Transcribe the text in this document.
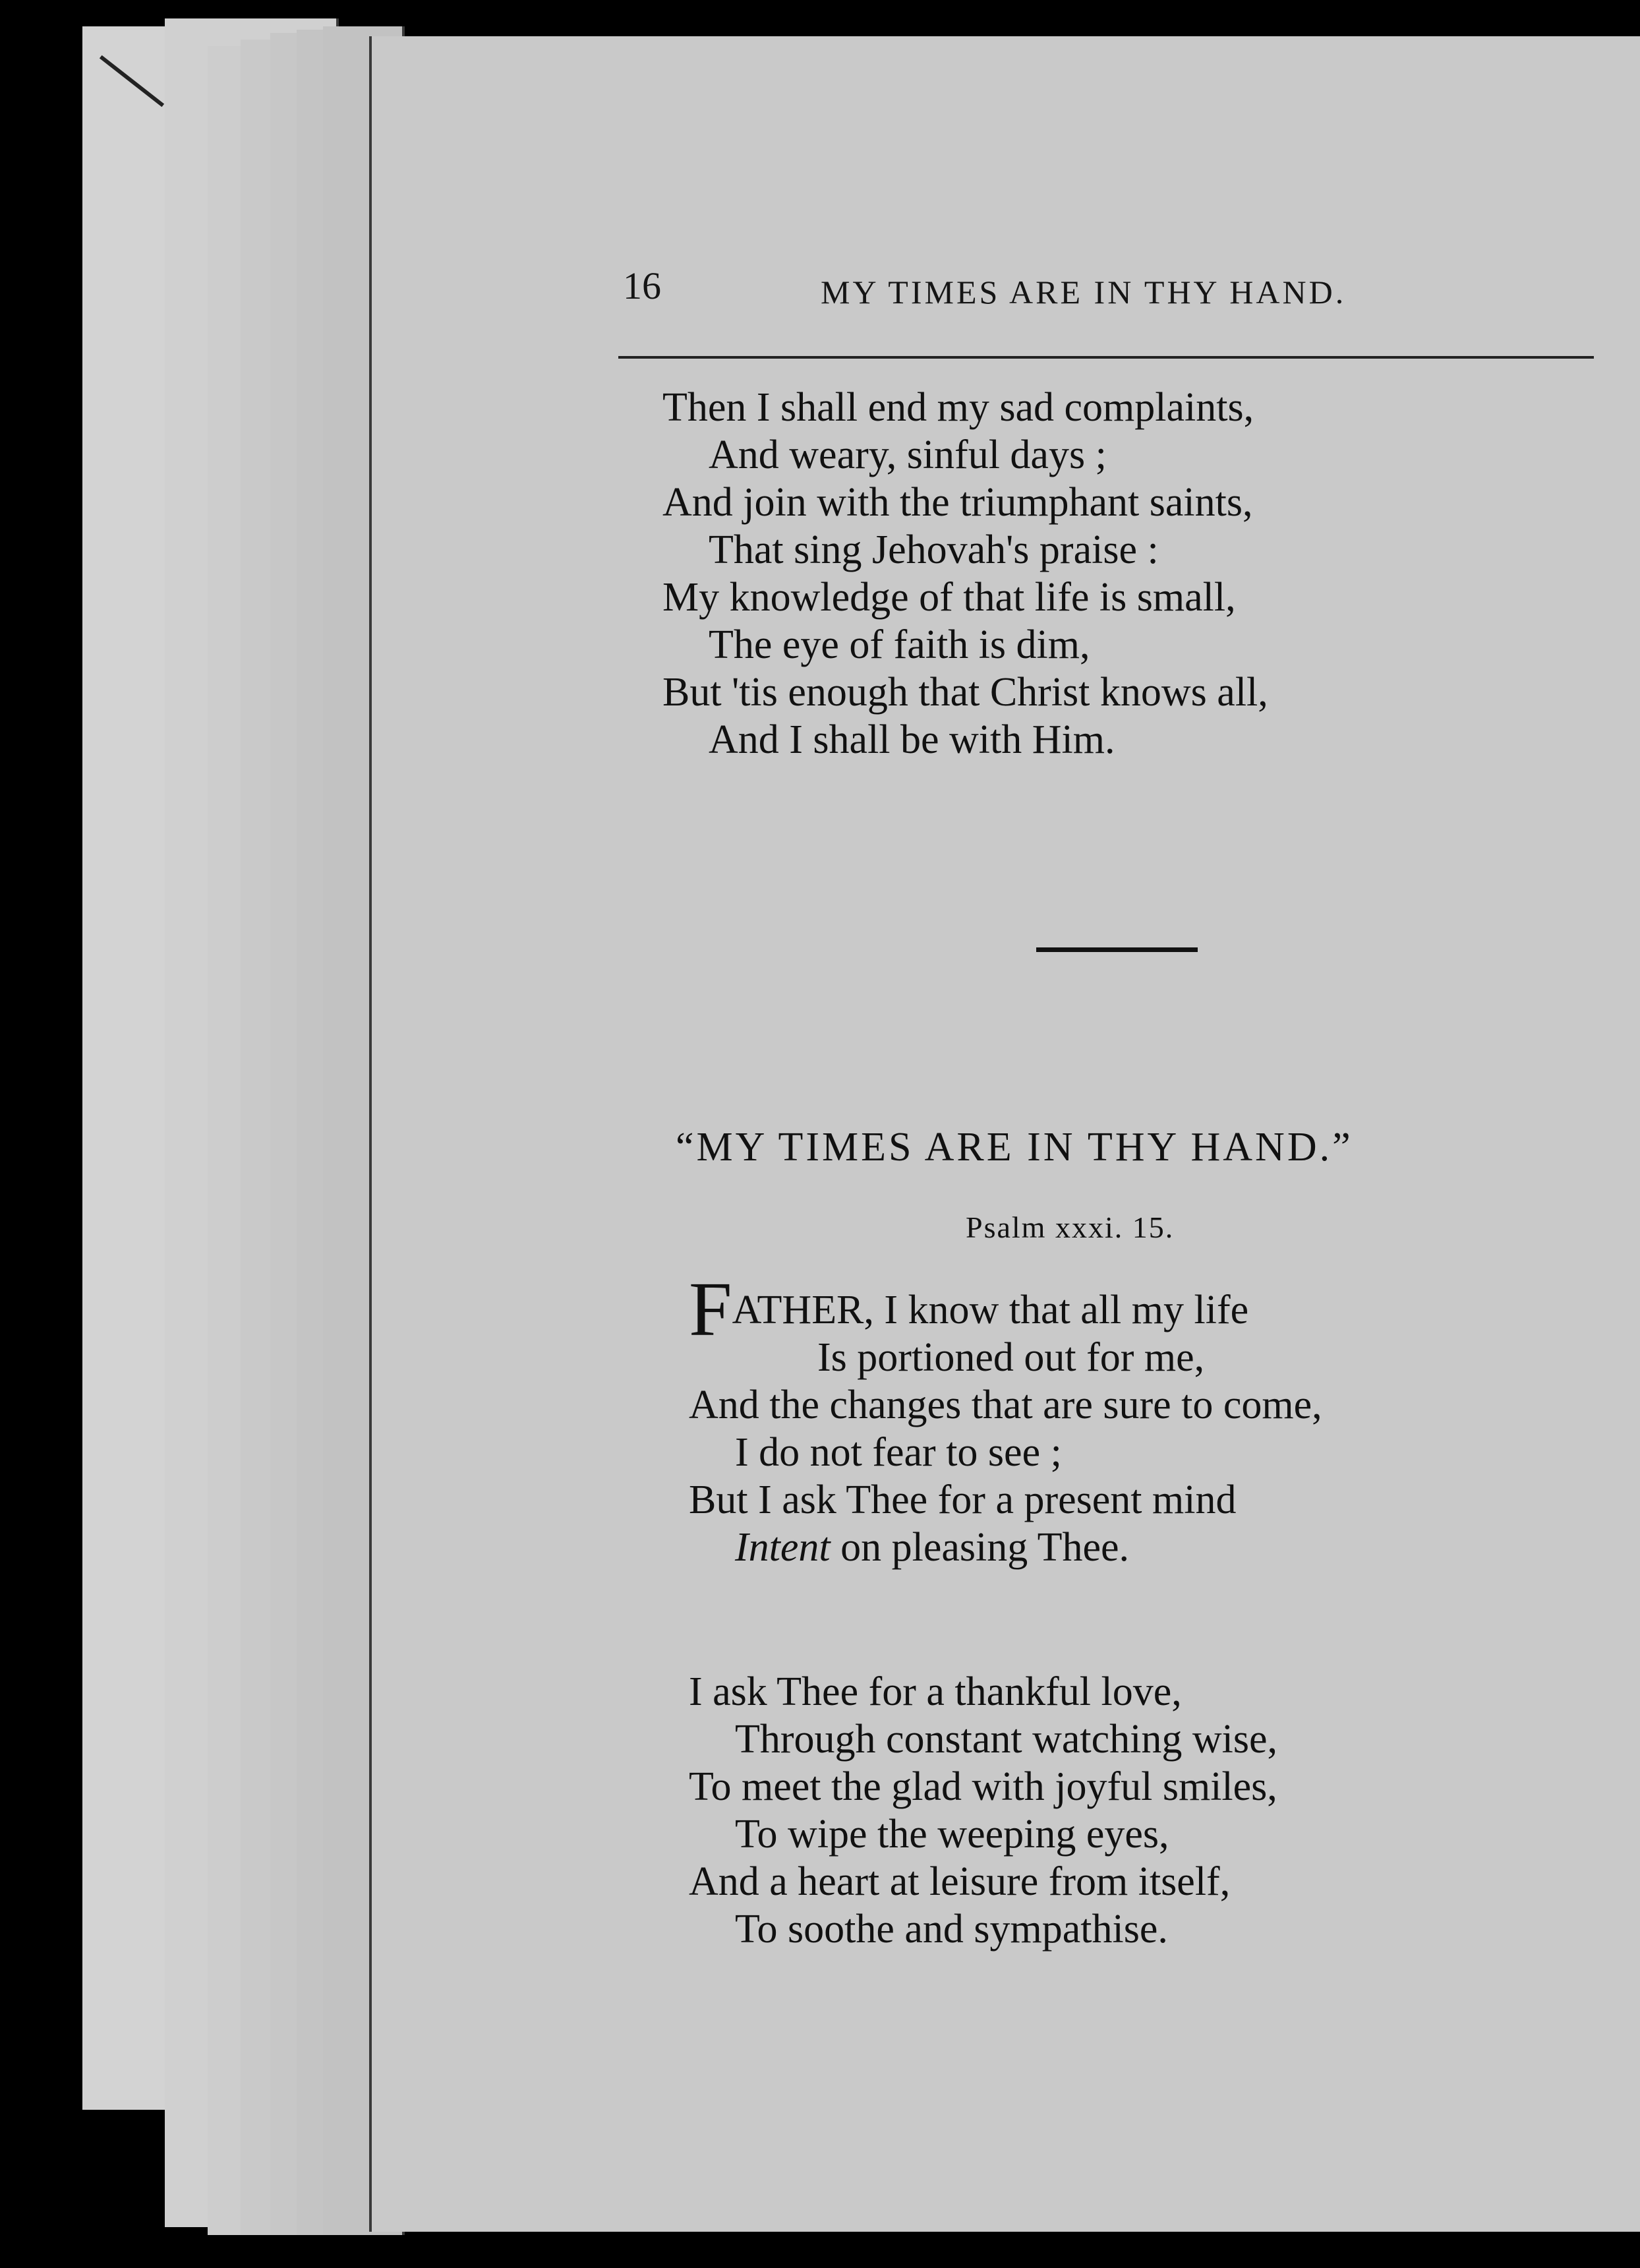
16	MY TIMES ARE IN THY HAND.
Then I shall end my sad complaints,
And weary, sinful days ;
And join with the triumphant saints,
That sing Jehovah's praise :
My knowledge of that life is small,
The eye of faith is dim,
But 'tis enough that Christ knows all,
And I shall be with Him.
“MY TIMES ARE IN THY HAND.”
Psalm xxxi. 15.
FATHER, I know that all my life
Is portioned out for me,
And the changes that are sure to come,
I do not fear to see ;
But I ask Thee for a present mind
Intent on pleasing Thee.
I ask Thee for a thankful love,
Through constant watching wise,
To meet the glad with joyful smiles,
To wipe the weeping eyes,
And a heart at leisure from itself,
To soothe and sympathise.
